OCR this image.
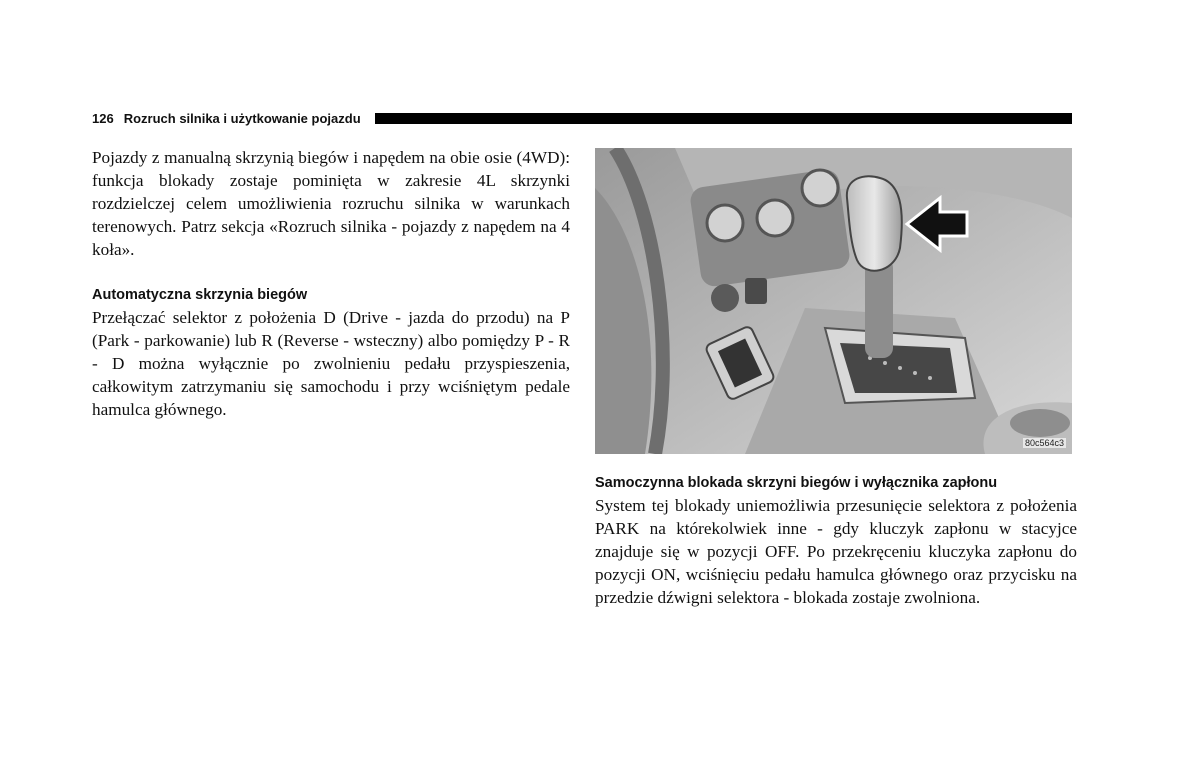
126 Rozruch silnika i użytkowanie pojazdu

Pojazdy z manualną skrzynią biegów i napędem na obie osie (4WD): funkcja blokady zostaje pominięta w zakresie 4L skrzynki rozdzielczej celem umożliwienia rozruchu silnika w warunkach terenowych. Patrz sekcja «Rozruch silnika - pojazdy z napędem na 4 koła».

Automatyczna skrzynia biegów

Przełączać selektor z położenia D (Drive - jazda do przodu) na P (Park - parkowanie) lub R (Reverse - wsteczny) albo pomiędzy P - R - D można wyłącznie po zwolnieniu pedału przyspieszenia, całkowitym zatrzymaniu się samochodu i przy wciśniętym pedale hamulca głównego.

80c564c3
Samoczynna blokada skrzyni biegów i wyłącznika zapłonu

System tej blokady uniemożliwia przesunięcie selektora z położenia PARK na którekolwiek inne - gdy kluczyk zapłonu w stacyjce znajduje się w pozycji OFF. Po przekręceniu kluczyka zapłonu do pozycji ON, wciśnięciu pedału hamulca głównego oraz przycisku na przedzie dźwigni selektora - blokada zostaje zwolniona.
